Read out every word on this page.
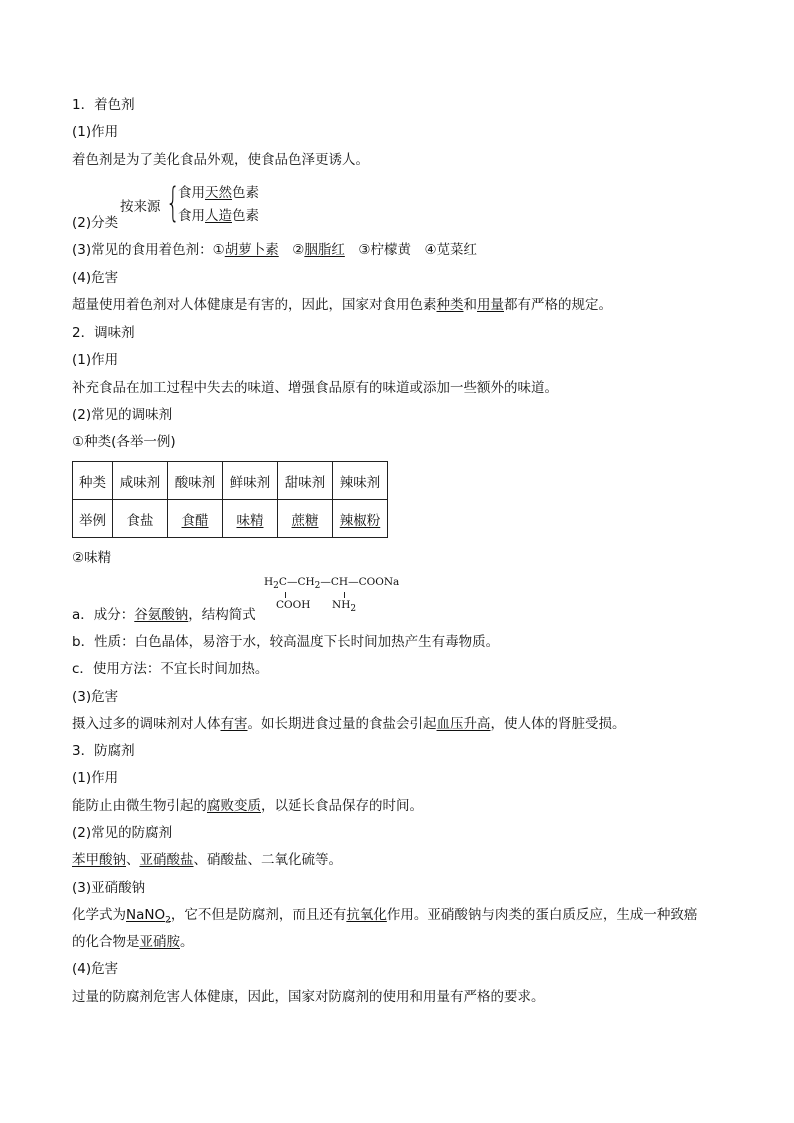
1．着色剂
(1)作用
着色剂是为了美化食品外观，使食品色泽更诱人。
按来源 {
食用天然色素
食用人造色素
(2)分类
(3)常见的食用着色剂：①胡萝卜素　②胭脂红　③柠檬黄　④苋菜红
(4)危害
超量使用着色剂对人体健康是有害的，因此，国家对食用色素种类和用量都有严格的规定。
2．调味剂
(1)作用
补充食品在加工过程中失去的味道、增强食品原有的味道或添加一些额外的味道。
(2)常见的调味剂
①种类(各举一例)
种类	咸味剂	酸味剂	鲜味剂	甜味剂	辣味剂
举例	食盐	食醋	味精	蔗糖	辣椒粉
②味精
$H_2C—CH_2—CH—COONa$
COOH $NH_2$
a．成分：谷氨酸钠，结构简式
b．性质：白色晶体，易溶于水，较高温度下长时间加热产生有毒物质。
c．使用方法：不宜长时间加热。
(3)危害
摄入过多的调味剂对人体有害。如长期进食过量的食盐会引起血压升高，使人体的肾脏受损。
3．防腐剂
(1)作用
能防止由微生物引起的腐败变质，以延长食品保存的时间。
(2)常见的防腐剂
苯甲酸钠、亚硝酸盐、硝酸盐、二氧化硫等。
(3)亚硝酸钠
化学式为NaNO$_2$，它不但是防腐剂，而且还有抗氧化作用。亚硝酸钠与肉类的蛋白质反应，生成一种致癌
的化合物是亚硝胺。
(4)危害
过量的防腐剂危害人体健康，因此，国家对防腐剂的使用和用量有严格的要求。
